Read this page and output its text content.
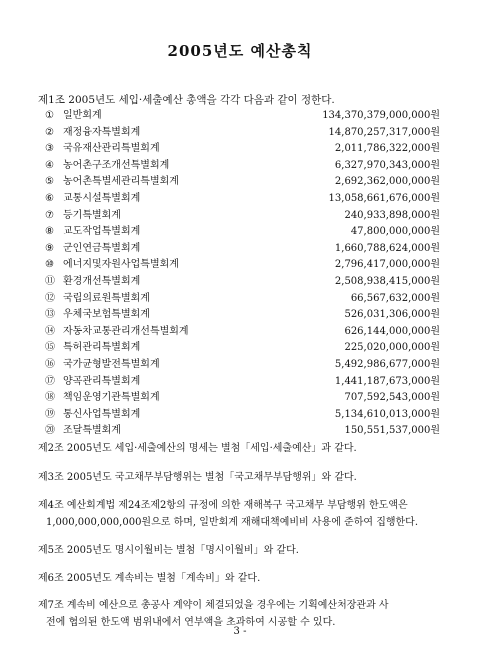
2005년도 예산총칙
제1조 2005년도 세입·세출예산 총액을 각각 다음과 같이 정한다.
① 일반회계	134,370,379,000,000원
② 재정융자특별회계	14,870,257,317,000원
③ 국유재산관리특별회계	2,011,786,322,000원
④ 농어촌구조개선특별회계	6,327,970,343,000원
⑤ 농어촌특별세관리특별회계	2,692,362,000,000원
⑥ 교통시설특별회계	13,058,661,676,000원
⑦ 등기특별회계	240,933,898,000원
⑧ 교도작업특별회계	47,800,000,000원
⑨ 군인연금특별회계	1,660,788,624,000원
⑩ 에너지및자원사업특별회계	2,796,417,000,000원
⑪ 환경개선특별회계	2,508,938,415,000원
⑫ 국립의료원특별회계	66,567,632,000원
⑬ 우체국보험특별회계	526,031,306,000원
⑭ 자동차교통관리개선특별회계	626,144,000,000원
⑮ 특허관리특별회계	225,020,000,000원
⑯ 국가균형발전특별회계	5,492,986,677,000원
⑰ 양곡관리특별회계	1,441,187,673,000원
⑱ 책임운영기관특별회계	707,592,543,000원
⑲ 통신사업특별회계	5,134,610,013,000원
⑳ 조달특별회계	150,551,537,000원
제2조 2005년도 세입·세출예산의 명세는 별첨「세입·세출예산」과 같다.
제3조 2005년도 국고채무부담행위는 별첨「국고채무부담행위」와 같다.
제4조 예산회계법 제24조제2항의 규정에 의한 재해복구 국고채무 부담행위 한도액은
1,000,000,000,000원으로 하며, 일반회계 재해대책예비비 사용에 준하여 집행한다.
제5조 2005년도 명시이월비는 별첨「명시이월비」와 같다.
제6조 2005년도 계속비는 별첨「계속비」와 같다.
제7조 계속비 예산으로 총공사 계약이 체결되었을 경우에는 기획예산처장관과 사
전에 협의된 한도액 범위내에서 연부액을 초과하여 시공할 수 있다.
3 -
